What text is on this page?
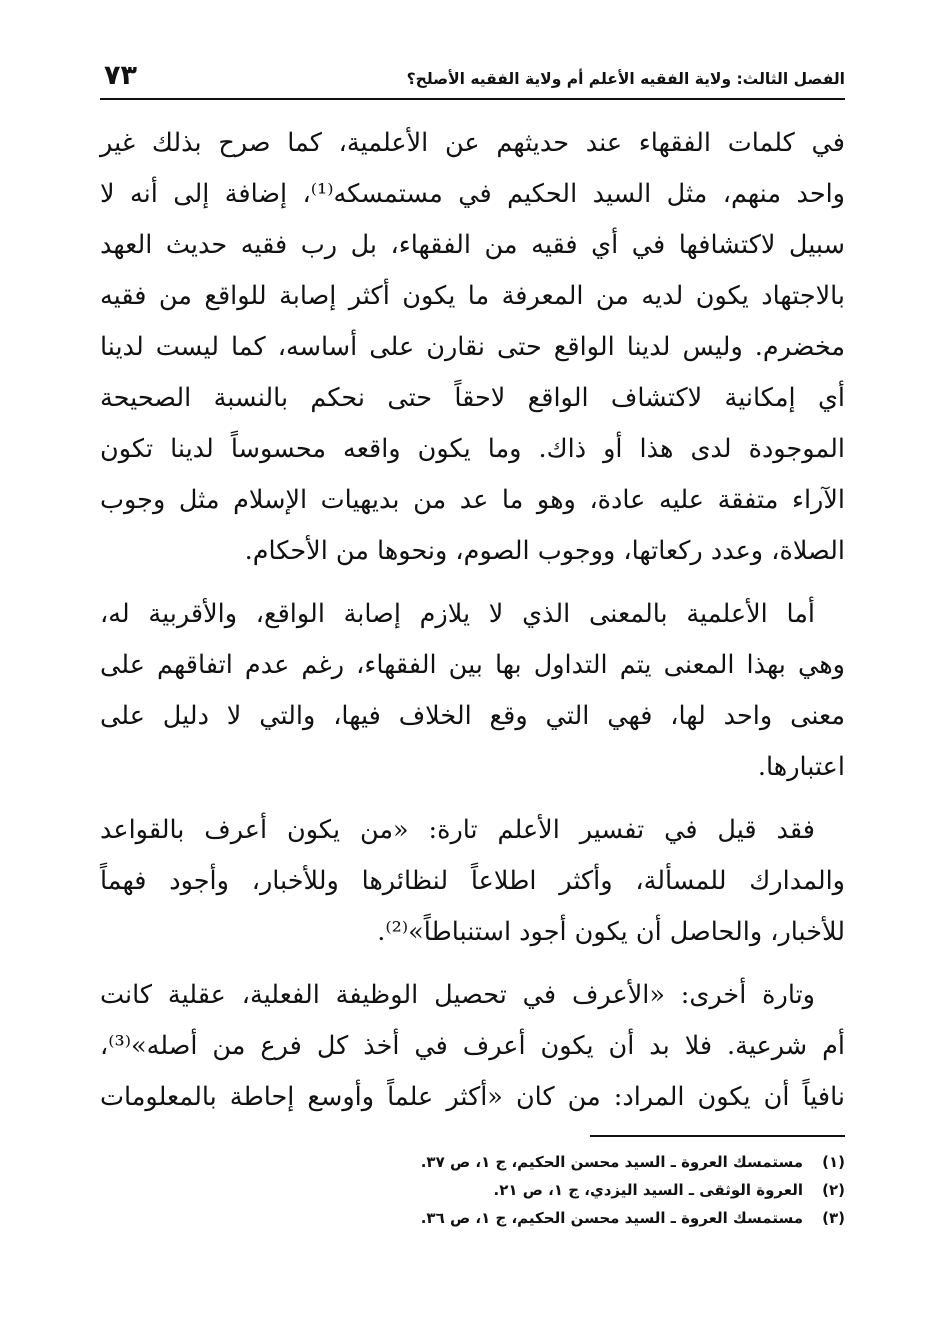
٧٣	الفصل الثالث: ولاية الفقيه الأعلم أم ولاية الفقيه الأصلح؟

في كلمات الفقهاء عند حديثهم عن الأعلمية، كما صرح بذلك غير
واحد منهم، مثل السيد الحكيم في مستمسكه⁽¹⁾، إضافة إلى أنه لا
سبيل لاكتشافها في أي فقيه من الفقهاء، بل رب فقيه حديث العهد
بالاجتهاد يكون لديه من المعرفة ما يكون أكثر إصابة للواقع من فقيه
مخضرم. وليس لدينا الواقع حتى نقارن على أساسه، كما ليست لدينا
أي إمكانية لاكتشاف الواقع لاحقاً حتى نحكم بالنسبة الصحيحة
الموجودة لدى هذا أو ذاك. وما يكون واقعه محسوساً لدينا تكون
الآراء متفقة عليه عادة، وهو ما عد من بديهيات الإسلام مثل وجوب
الصلاة، وعدد ركعاتها، ووجوب الصوم، ونحوها من الأحكام.

أما الأعلمية بالمعنى الذي لا يلازم إصابة الواقع، والأقربية له،
وهي بهذا المعنى يتم التداول بها بين الفقهاء، رغم عدم اتفاقهم على
معنى واحد لها، فهي التي وقع الخلاف فيها، والتي لا دليل على
اعتبارها.

فقد قيل في تفسير الأعلم تارة: «من يكون أعرف بالقواعد
والمدارك للمسألة، وأكثر اطلاعاً لنظائرها وللأخبار، وأجود فهماً
للأخبار، والحاصل أن يكون أجود استنباطاً»⁽²⁾.

وتارة أخرى: «الأعرف في تحصيل الوظيفة الفعلية، عقلية كانت
أم شرعية. فلا بد أن يكون أعرف في أخذ كل فرع من أصله»⁽³⁾،
نافياً أن يكون المراد: من كان «أكثر علماً وأوسع إحاطة بالمعلومات

(١)مستمسك العروة ـ السيد محسن الحكيم، ج ١، ص ٣٧.
(٢)العروة الوثقى ـ السيد اليزدي، ج ١، ص ٢١.
(٣)مستمسك العروة ـ السيد محسن الحكيم، ج ١، ص ٣٦.
